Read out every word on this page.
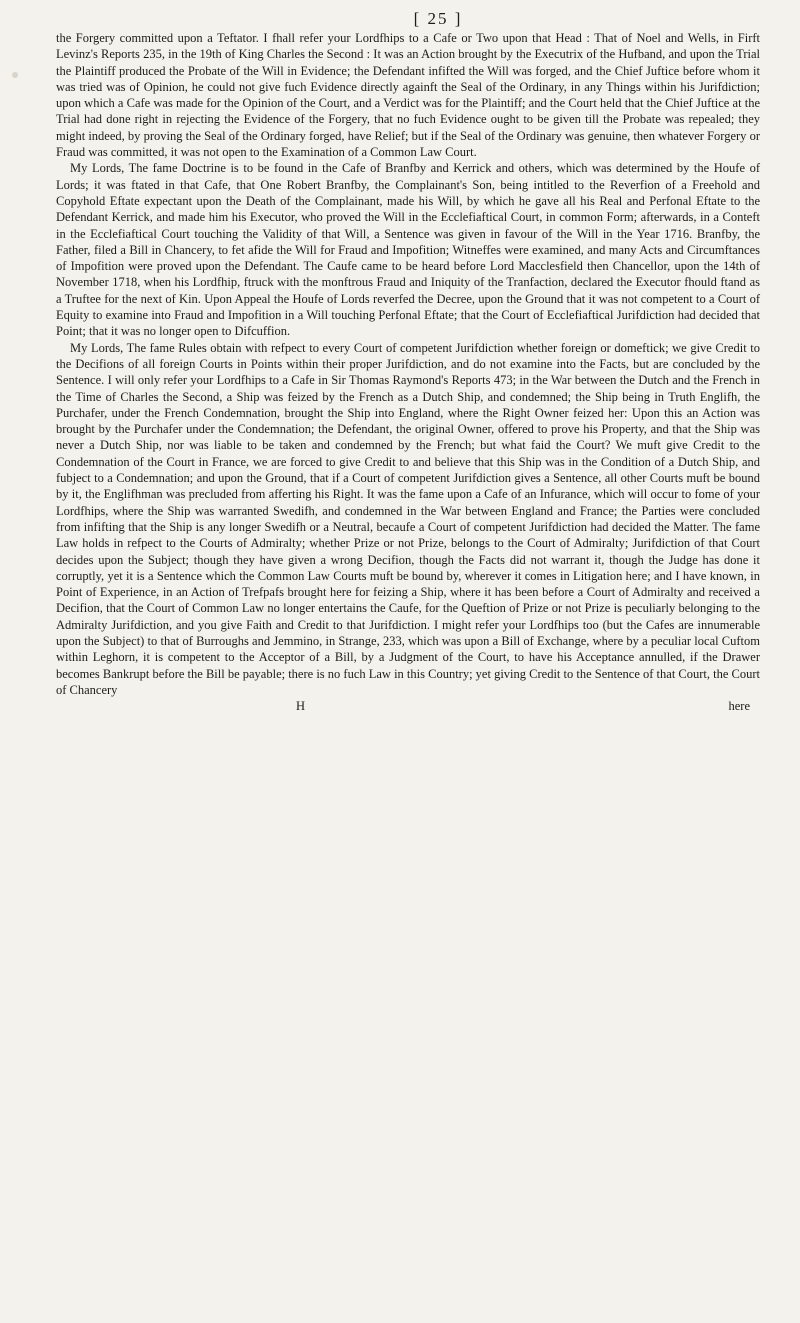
[ 25 ]

the Forgery committed upon a Teftator. I fhall refer your Lordfhips to a Cafe or Two upon that Head : That of Noel and Wells, in Firft Levinz's Reports 235, in the 19th of King Charles the Second : It was an Action brought by the Executrix of the Hufband, and upon the Trial the Plaintiff produced the Probate of the Will in Evidence; the Defendant infifted the Will was forged, and the Chief Juftice before whom it was tried was of Opinion, he could not give fuch Evidence directly againft the Seal of the Ordinary, in any Things within his Jurifdiction; upon which a Cafe was made for the Opinion of the Court, and a Verdict was for the Plaintiff; and the Court held that the Chief Juftice at the Trial had done right in rejecting the Evidence of the Forgery, that no fuch Evidence ought to be given till the Probate was repealed; they might indeed, by proving the Seal of the Ordinary forged, have Relief; but if the Seal of the Ordinary was genuine, then whatever Forgery or Fraud was committed, it was not open to the Examination of a Common Law Court.

My Lords, The fame Doctrine is to be found in the Cafe of Branfby and Kerrick and others, which was determined by the Houfe of Lords; it was ftated in that Cafe, that One Robert Branfby, the Complainant's Son, being intitled to the Reverfion of a Freehold and Copyhold Eftate expectant upon the Death of the Complainant, made his Will, by which he gave all his Real and Perfonal Eftate to the Defendant Kerrick, and made him his Executor, who proved the Will in the Ecclefiaftical Court, in common Form; afterwards, in a Conteft in the Ecclefiaftical Court touching the Validity of that Will, a Sentence was given in favour of the Will in the Year 1716. Branfby, the Father, filed a Bill in Chancery, to fet afide the Will for Fraud and Impofition; Witneffes were examined, and many Acts and Circumftances of Impofition were proved upon the Defendant. The Caufe came to be heard before Lord Macclesfield then Chancellor, upon the 14th of November 1718, when his Lordfhip, ftruck with the monftrous Fraud and Iniquity of the Tranfaction, declared the Executor fhould ftand as a Truftee for the next of Kin. Upon Appeal the Houfe of Lords reverfed the Decree, upon the Ground that it was not competent to a Court of Equity to examine into Fraud and Impofition in a Will touching Perfonal Eftate; that the Court of Ecclefiaftical Jurifdiction had decided that Point; that it was no longer open to Difcuffion.

My Lords, The fame Rules obtain with refpect to every Court of competent Jurifdiction whether foreign or domeftick; we give Credit to the Decifions of all foreign Courts in Points within their proper Jurifdiction, and do not examine into the Facts, but are concluded by the Sentence. I will only refer your Lordfhips to a Cafe in Sir Thomas Raymond's Reports 473; in the War between the Dutch and the French in the Time of Charles the Second, a Ship was feized by the French as a Dutch Ship, and condemned; the Ship being in Truth Englifh, the Purchafer, under the French Condemnation, brought the Ship into England, where the Right Owner feized her: Upon this an Action was brought by the Purchafer under the Condemnation; the Defendant, the original Owner, offered to prove his Property, and that the Ship was never a Dutch Ship, nor was liable to be taken and condemned by the French; but what faid the Court? We muft give Credit to the Condemnation of the Court in France, we are forced to give Credit to and believe that this Ship was in the Condition of a Dutch Ship, and fubject to a Condemnation; and upon the Ground, that if a Court of competent Jurifdiction gives a Sentence, all other Courts muft be bound by it, the Englifhman was precluded from afferting his Right. It was the fame upon a Cafe of an Infurance, which will occur to fome of your Lordfhips, where the Ship was warranted Swedifh, and condemned in the War between England and France; the Parties were concluded from infifting that the Ship is any longer Swedifh or a Neutral, becaufe a Court of competent Jurifdiction had decided the Matter. The fame Law holds in refpect to the Courts of Admiralty; whether Prize or not Prize, belongs to the Court of Admiralty; Jurifdiction of that Court decides upon the Subject; though they have given a wrong Decifion, though the Facts did not warrant it, though the Judge has done it corruptly, yet it is a Sentence which the Common Law Courts muft be bound by, wherever it comes in Litigation here; and I have known, in Point of Experience, in an Action of Trefpafs brought here for feizing a Ship, where it has been before a Court of Admiralty and received a Decifion, that the Court of Common Law no longer entertains the Caufe, for the Queftion of Prize or not Prize is peculiarly belonging to the Admiralty Jurifdiction, and you give Faith and Credit to that Jurifdiction. I might refer your Lordfhips too (but the Cafes are innumerable upon the Subject) to that of Burroughs and Jemmino, in Strange, 233, which was upon a Bill of Exchange, where by a peculiar local Cuftom within Leghorn, it is competent to the Acceptor of a Bill, by a Judgment of the Court, to have his Acceptance annulled, if the Drawer becomes Bankrupt before the Bill be payable; there is no fuch Law in this Country; yet giving Credit to the Sentence of that Court, the Court of Chancery

H	here
